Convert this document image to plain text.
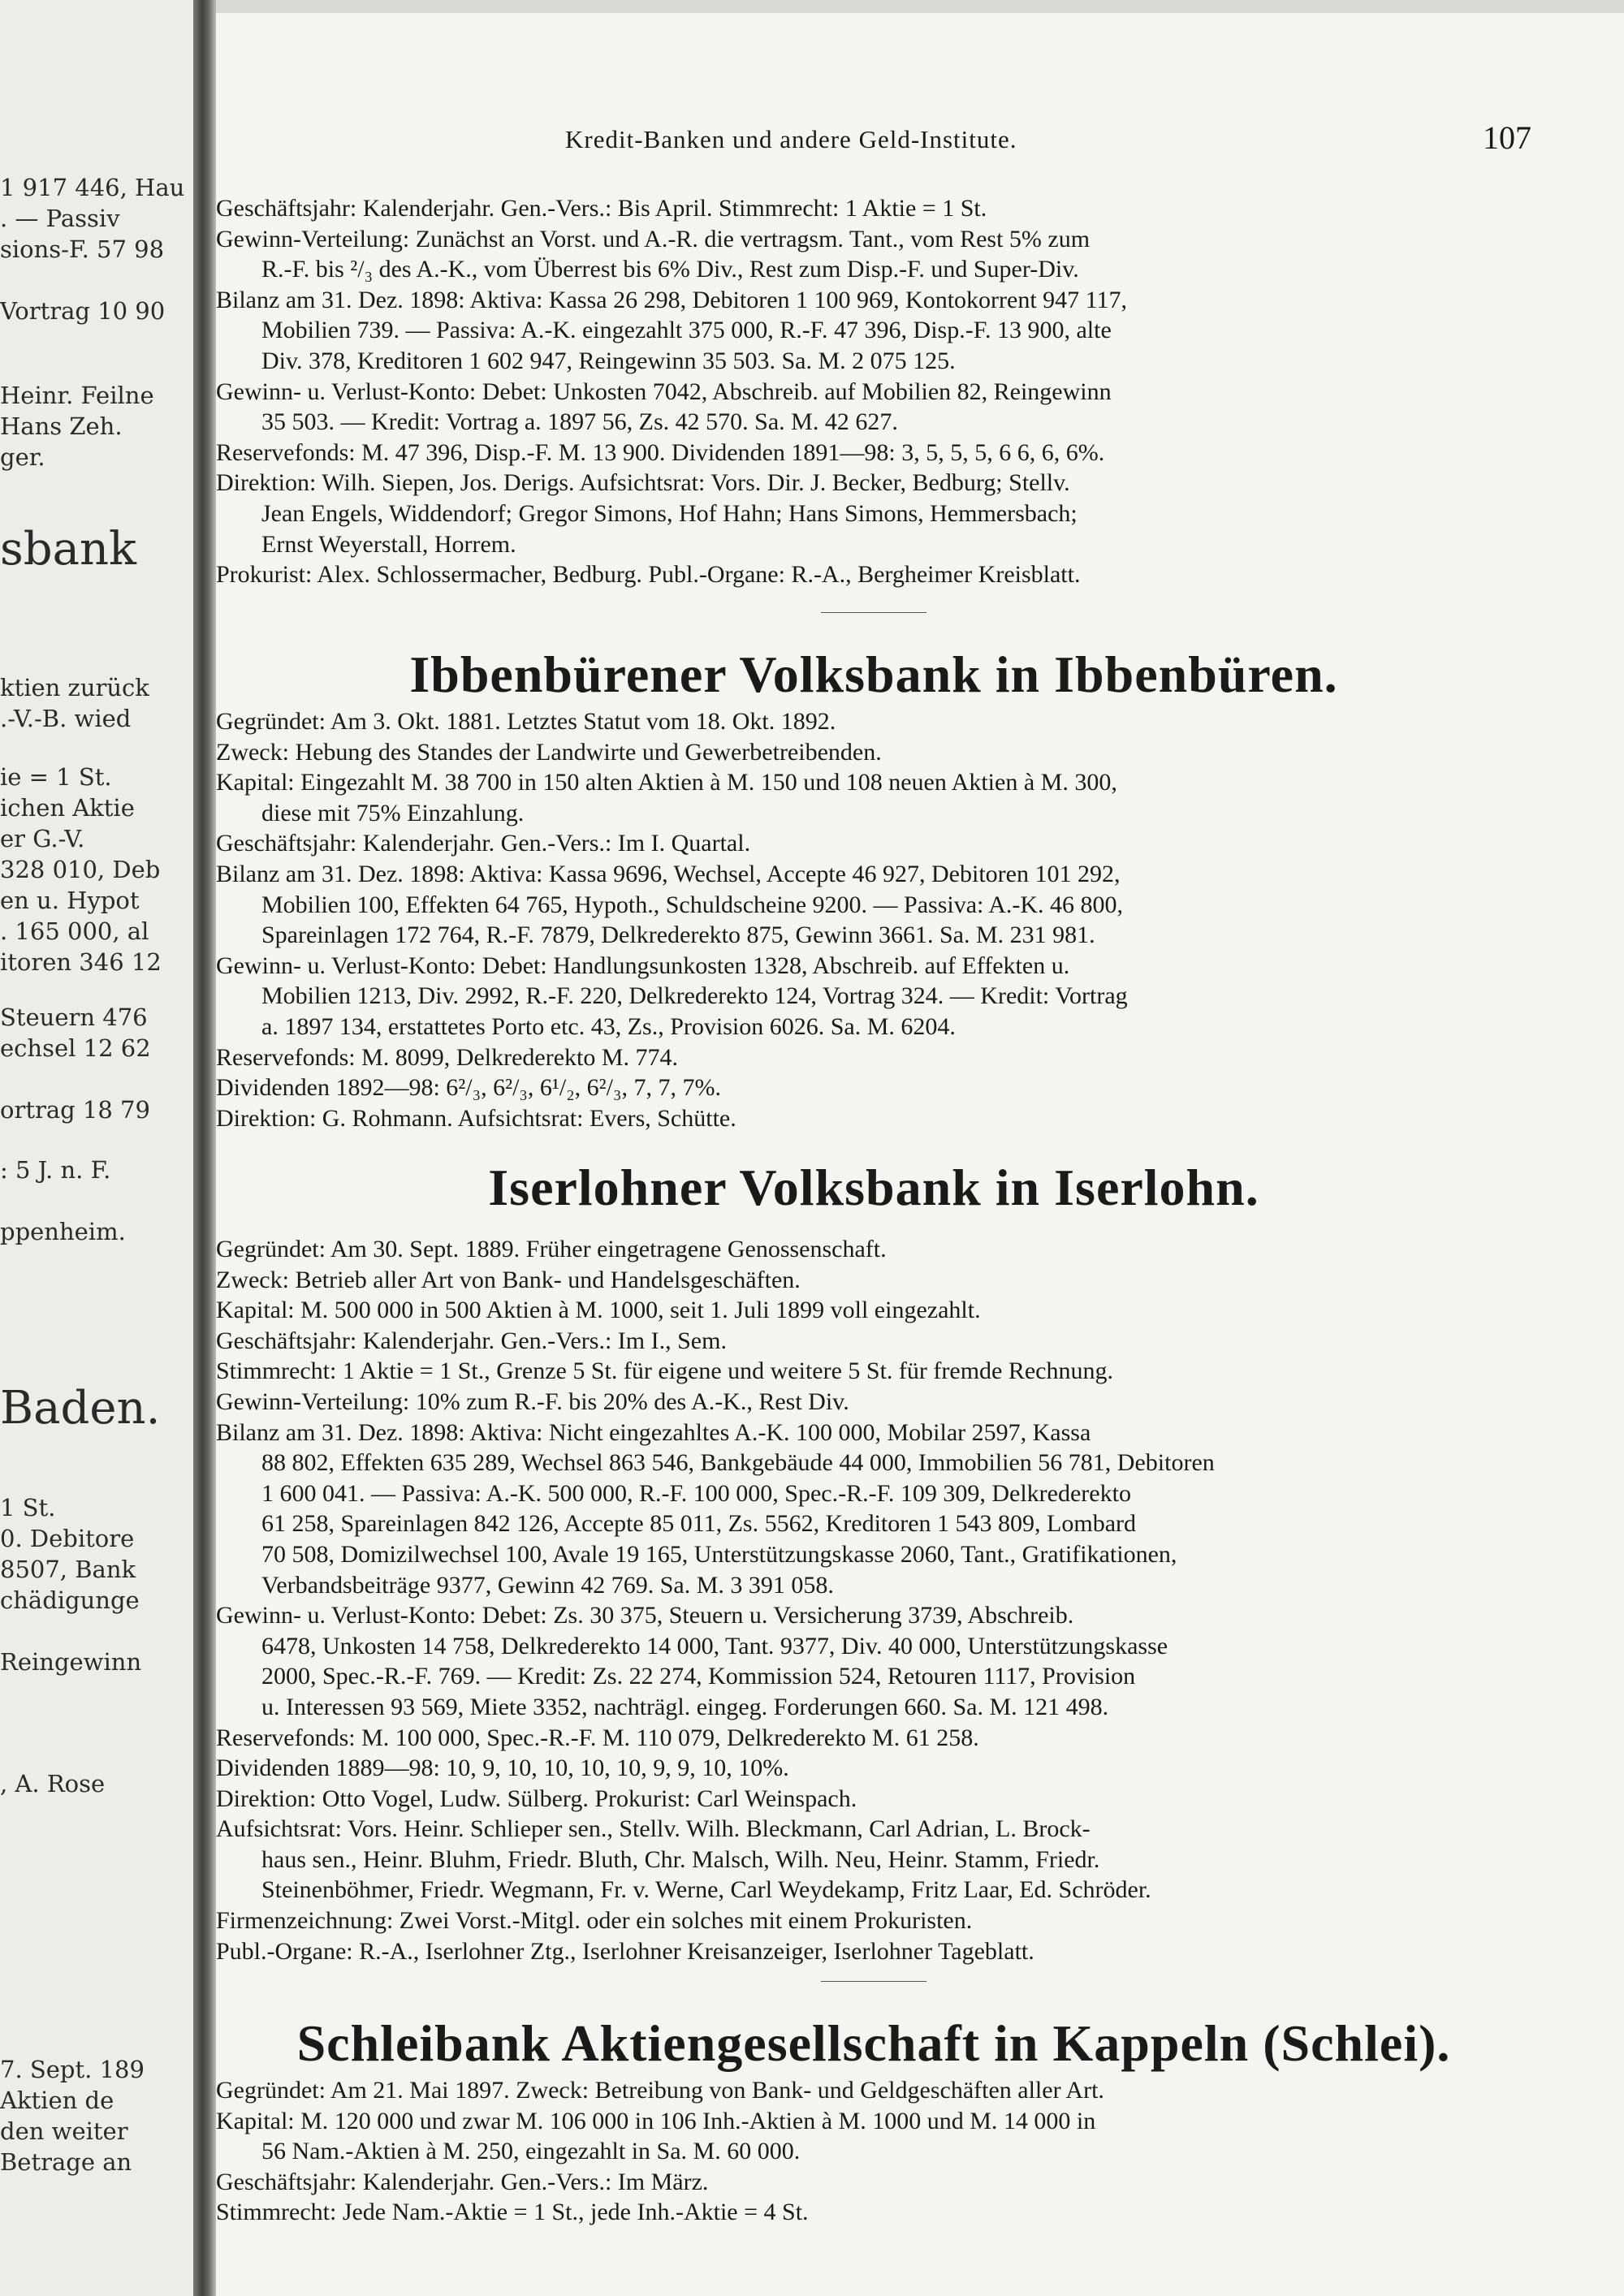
1 917 446, Hau
. — Passiv
sions-F. 57 98
Vortrag 10 90
Heinr. Feilne
Hans Zeh.
ger.
sbank
ktien zurück
.-V.-B. wied
ie = 1 St.
ichen Aktie
er G.-V.
328 010, Deb
en u. Hypot
. 165 000, al
itoren 346 12
Steuern 476
echsel 12 62
ortrag 18 79
: 5 J. n. F.
ppenheim.
Baden.
1 St.
0. Debitore
8507, Bank
chädigunge
Reingewinn
, A. Rose
7. Sept. 189
Aktien de
den weiter
Betrage an
Kredit-Banken und andere Geld-Institute.	107
Geschäftsjahr: Kalenderjahr. Gen.-Vers.: Bis April. Stimmrecht: 1 Aktie = 1 St.
Gewinn-Verteilung: Zunächst an Vorst. und A.-R. die vertragsm. Tant., vom Rest 5% zum
R.-F. bis ²/₃ des A.-K., vom Überrest bis 6% Div., Rest zum Disp.-F. und Super-Div.
Bilanz am 31. Dez. 1898: Aktiva: Kassa 26 298, Debitoren 1 100 969, Kontokorrent 947 117,
Mobilien 739. — Passiva: A.-K. eingezahlt 375 000, R.-F. 47 396, Disp.-F. 13 900, alte
Div. 378, Kreditoren 1 602 947, Reingewinn 35 503. Sa. M. 2 075 125.
Gewinn- u. Verlust-Konto: Debet: Unkosten 7042, Abschreib. auf Mobilien 82, Reingewinn
35 503. — Kredit: Vortrag a. 1897 56, Zs. 42 570. Sa. M. 42 627.
Reservefonds: M. 47 396, Disp.-F. M. 13 900. Dividenden 1891—98: 3, 5, 5, 5, 6 6, 6, 6%.
Direktion: Wilh. Siepen, Jos. Derigs. Aufsichtsrat: Vors. Dir. J. Becker, Bedburg; Stellv.
Jean Engels, Widdendorf; Gregor Simons, Hof Hahn; Hans Simons, Hemmersbach;
Ernst Weyerstall, Horrem.
Prokurist: Alex. Schlossermacher, Bedburg. Publ.-Organe: R.-A., Bergheimer Kreisblatt.
Ibbenbürener Volksbank in Ibbenbüren.
Gegründet: Am 3. Okt. 1881. Letztes Statut vom 18. Okt. 1892.
Zweck: Hebung des Standes der Landwirte und Gewerbetreibenden.
Kapital: Eingezahlt M. 38 700 in 150 alten Aktien à M. 150 und 108 neuen Aktien à M. 300,
diese mit 75% Einzahlung.
Geschäftsjahr: Kalenderjahr. Gen.-Vers.: Im I. Quartal.
Bilanz am 31. Dez. 1898: Aktiva: Kassa 9696, Wechsel, Accepte 46 927, Debitoren 101 292,
Mobilien 100, Effekten 64 765, Hypoth., Schuldscheine 9200. — Passiva: A.-K. 46 800,
Spareinlagen 172 764, R.-F. 7879, Delkrederekto 875, Gewinn 3661. Sa. M. 231 981.
Gewinn- u. Verlust-Konto: Debet: Handlungsunkosten 1328, Abschreib. auf Effekten u.
Mobilien 1213, Div. 2992, R.-F. 220, Delkrederekto 124, Vortrag 324. — Kredit: Vortrag
a. 1897 134, erstattetes Porto etc. 43, Zs., Provision 6026. Sa. M. 6204.
Reservefonds: M. 8099, Delkrederekto M. 774.
Dividenden 1892—98: 6²/₃, 6²/₃, 6¹/₂, 6²/₃, 7, 7, 7%.
Direktion: G. Rohmann. Aufsichtsrat: Evers, Schütte.
Iserlohner Volksbank in Iserlohn.
Gegründet: Am 30. Sept. 1889. Früher eingetragene Genossenschaft.
Zweck: Betrieb aller Art von Bank- und Handelsgeschäften.
Kapital: M. 500 000 in 500 Aktien à M. 1000, seit 1. Juli 1899 voll eingezahlt.
Geschäftsjahr: Kalenderjahr. Gen.-Vers.: Im I., Sem.
Stimmrecht: 1 Aktie = 1 St., Grenze 5 St. für eigene und weitere 5 St. für fremde Rechnung.
Gewinn-Verteilung: 10% zum R.-F. bis 20% des A.-K., Rest Div.
Bilanz am 31. Dez. 1898: Aktiva: Nicht eingezahltes A.-K. 100 000, Mobilar 2597, Kassa
88 802, Effekten 635 289, Wechsel 863 546, Bankgebäude 44 000, Immobilien 56 781, Debitoren
1 600 041. — Passiva: A.-K. 500 000, R.-F. 100 000, Spec.-R.-F. 109 309, Delkrederekto
61 258, Spareinlagen 842 126, Accepte 85 011, Zs. 5562, Kreditoren 1 543 809, Lombard
70 508, Domizilwechsel 100, Avale 19 165, Unterstützungskasse 2060, Tant., Gratifikationen,
Verbandsbeiträge 9377, Gewinn 42 769. Sa. M. 3 391 058.
Gewinn- u. Verlust-Konto: Debet: Zs. 30 375, Steuern u. Versicherung 3739, Abschreib.
6478, Unkosten 14 758, Delkrederekto 14 000, Tant. 9377, Div. 40 000, Unterstützungskasse
2000, Spec.-R.-F. 769. — Kredit: Zs. 22 274, Kommission 524, Retouren 1117, Provision
u. Interessen 93 569, Miete 3352, nachträgl. eingeg. Forderungen 660. Sa. M. 121 498.
Reservefonds: M. 100 000, Spec.-R.-F. M. 110 079, Delkrederekto M. 61 258.
Dividenden 1889—98: 10, 9, 10, 10, 10, 10, 9, 9, 10, 10%.
Direktion: Otto Vogel, Ludw. Sülberg. Prokurist: Carl Weinspach.
Aufsichtsrat: Vors. Heinr. Schlieper sen., Stellv. Wilh. Bleckmann, Carl Adrian, L. Brock-
haus sen., Heinr. Bluhm, Friedr. Bluth, Chr. Malsch, Wilh. Neu, Heinr. Stamm, Friedr.
Steinenböhmer, Friedr. Wegmann, Fr. v. Werne, Carl Weydekamp, Fritz Laar, Ed. Schröder.
Firmenzeichnung: Zwei Vorst.-Mitgl. oder ein solches mit einem Prokuristen.
Publ.-Organe: R.-A., Iserlohner Ztg., Iserlohner Kreisanzeiger, Iserlohner Tageblatt.
Schleibank Aktiengesellschaft in Kappeln (Schlei).
Gegründet: Am 21. Mai 1897. Zweck: Betreibung von Bank- und Geldgeschäften aller Art.
Kapital: M. 120 000 und zwar M. 106 000 in 106 Inh.-Aktien à M. 1000 und M. 14 000 in
56 Nam.-Aktien à M. 250, eingezahlt in Sa. M. 60 000.
Geschäftsjahr: Kalenderjahr. Gen.-Vers.: Im März.
Stimmrecht: Jede Nam.-Aktie = 1 St., jede Inh.-Aktie = 4 St.
